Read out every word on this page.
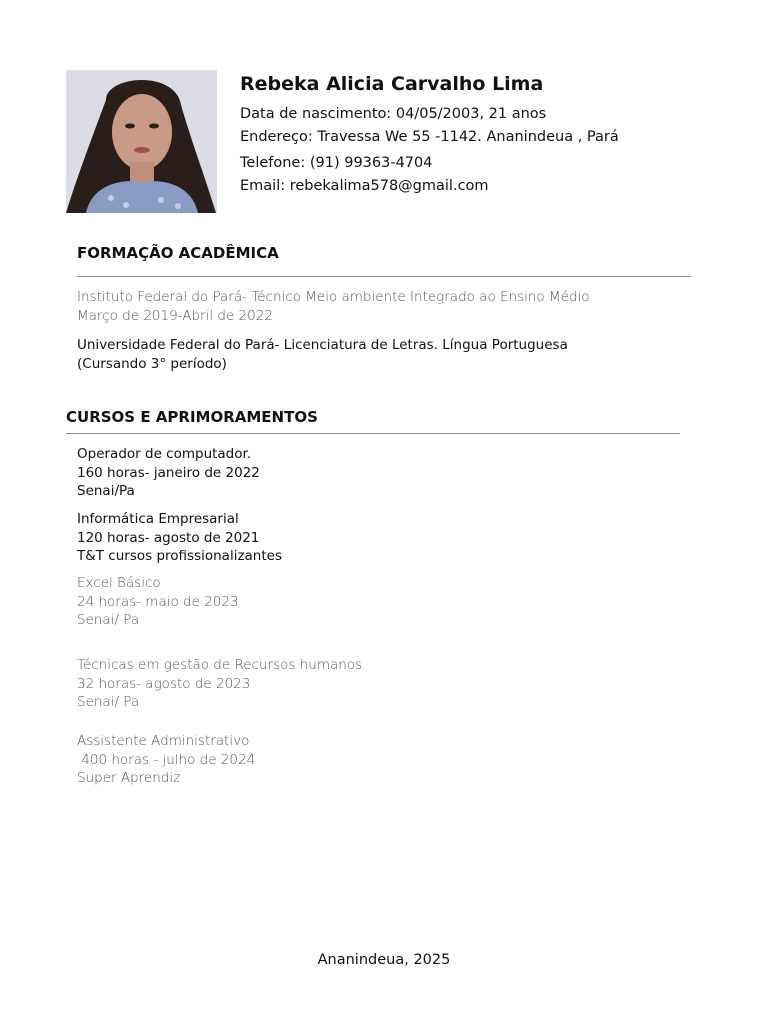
Rebeka Alicia Carvalho Lima
Data de nascimento: 04/05/2003, 21 anos
Endereço: Travessa We 55 -1142. Ananindeua , Pará
Telefone: (91) 99363-4704
Email: rebekalima578@gmail.com
FORMAÇÃO ACADÊMICA
Instituto Federal do Pará- Técnico Meio ambiente Integrado ao Ensino Médio
Março de 2019-Abril de 2022
Universidade Federal do Pará- Licenciatura de Letras. Língua Portuguesa
(Cursando 3° período)
CURSOS E APRIMORAMENTOS
Operador de computador.
160 horas- janeiro de 2022
Senai/Pa
Informática Empresarial
120 horas- agosto de 2021
T&T cursos profissionalizantes
Excel Básico
24 horas- maio de 2023
Senai/ Pa
Técnicas em gestão de Recursos humanos
32 horas- agosto de 2023
Senai/ Pa
Assistente Administrativo
400 horas - julho de 2024
Super Aprendiz
Ananindeua, 2025
